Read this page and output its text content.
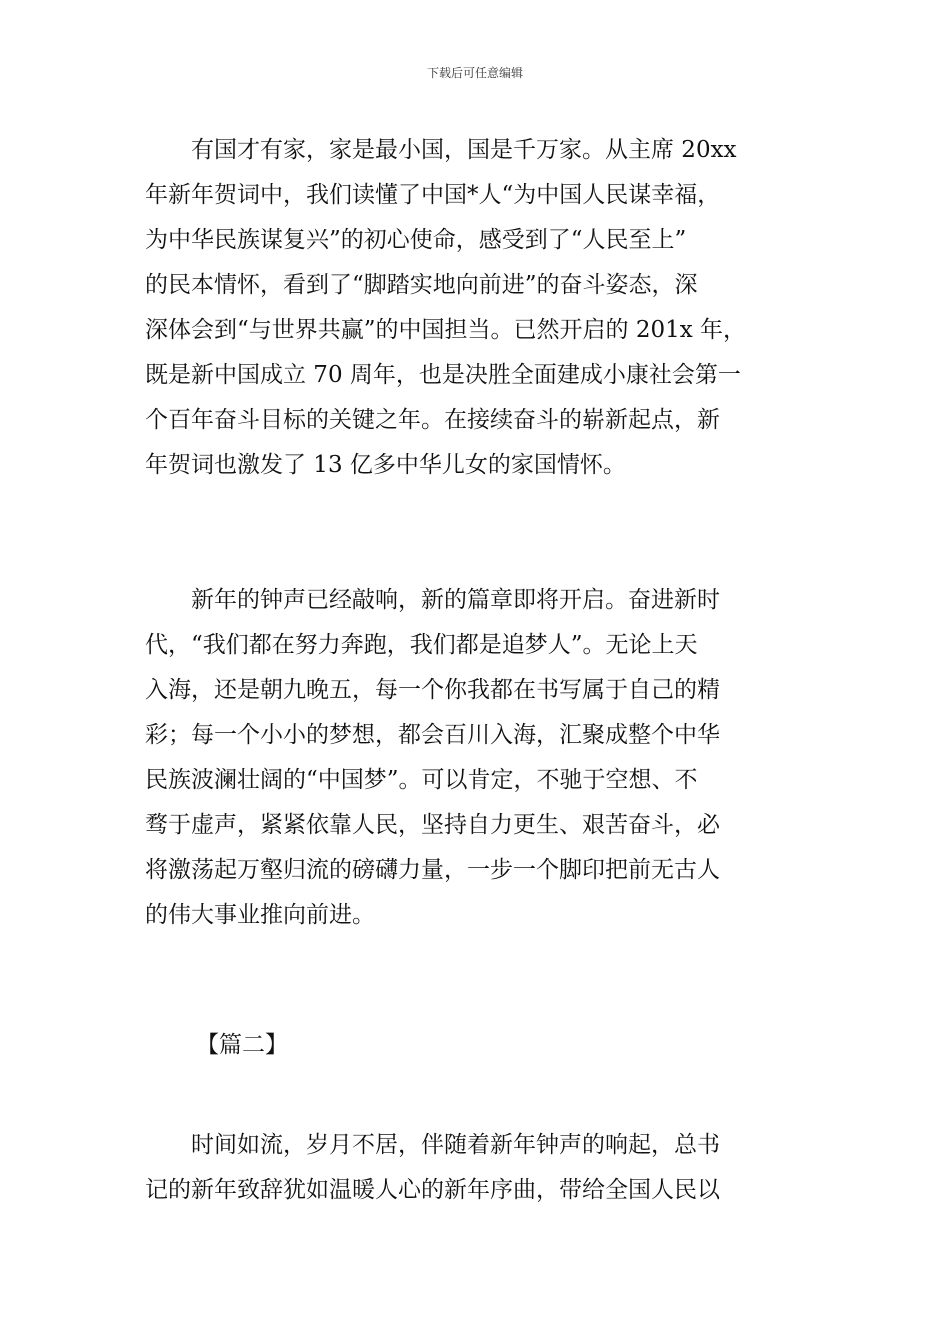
下载后可任意编辑
　　有国才有家，家是最小国，国是千万家。从主席 20xx
年新年贺词中，我们读懂了中国*人“为中国人民谋幸福，
为中华民族谋复兴”的初心使命，感受到了“人民至上”
的民本情怀，看到了“脚踏实地向前进”的奋斗姿态，深
深体会到“与世界共赢”的中国担当。已然开启的 201x 年，
既是新中国成立 70 周年，也是决胜全面建成小康社会第一
个百年奋斗目标的关键之年。在接续奋斗的崭新起点，新
年贺词也激发了 13 亿多中华儿女的家国情怀。
　　新年的钟声已经敲响，新的篇章即将开启。奋进新时
代，“我们都在努力奔跑，我们都是追梦人”。无论上天
入海，还是朝九晚五，每一个你我都在书写属于自己的精
彩；每一个小小的梦想，都会百川入海，汇聚成整个中华
民族波澜壮阔的“中国梦”。可以肯定，不驰于空想、不
骛于虚声，紧紧依靠人民，坚持自力更生、艰苦奋斗，必
将激荡起万壑归流的磅礴力量，一步一个脚印把前无古人
的伟大事业推向前进。
【篇二】
　　时间如流，岁月不居，伴随着新年钟声的响起，总书
记的新年致辞犹如温暖人心的新年序曲，带给全国人民以
